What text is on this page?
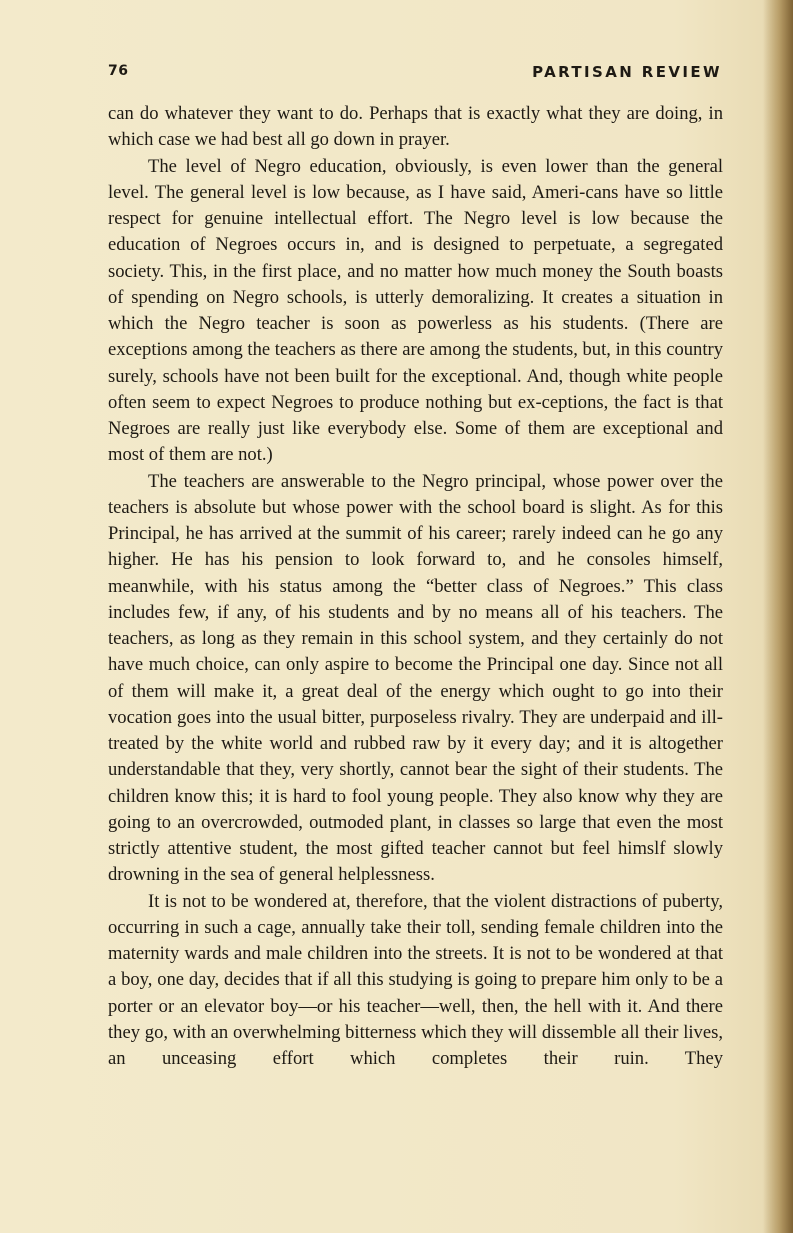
76	PARTISAN REVIEW

can do whatever they want to do. Perhaps that is exactly what they are doing, in which case we had best all go down in prayer.

The level of Negro education, obviously, is even lower than the general level. The general level is low because, as I have said, Ameri-cans have so little respect for genuine intellectual effort. The Negro level is low because the education of Negroes occurs in, and is designed to perpetuate, a segregated society. This, in the first place, and no matter how much money the South boasts of spending on Negro schools, is utterly demoralizing. It creates a situation in which the Negro teacher is soon as powerless as his students. (There are exceptions among the teachers as there are among the students, but, in this country surely, schools have not been built for the exceptional. And, though white people often seem to expect Negroes to produce nothing but ex-ceptions, the fact is that Negroes are really just like everybody else. Some of them are exceptional and most of them are not.)

The teachers are answerable to the Negro principal, whose power over the teachers is absolute but whose power with the school board is slight. As for this Principal, he has arrived at the summit of his career; rarely indeed can he go any higher. He has his pension to look forward to, and he consoles himself, meanwhile, with his status among the “better class of Negroes.” This class includes few, if any, of his students and by no means all of his teachers. The teachers, as long as they remain in this school system, and they certainly do not have much choice, can only aspire to become the Principal one day. Since not all of them will make it, a great deal of the energy which ought to go into their vocation goes into the usual bitter, purposeless rivalry. They are underpaid and ill-treated by the white world and rubbed raw by it every day; and it is altogether understandable that they, very shortly, cannot bear the sight of their students. The children know this; it is hard to fool young people. They also know why they are going to an overcrowded, outmoded plant, in classes so large that even the most strictly attentive student, the most gifted teacher cannot but feel himslf slowly drowning in the sea of general helplessness.

It is not to be wondered at, therefore, that the violent distractions of puberty, occurring in such a cage, annually take their toll, sending female children into the maternity wards and male children into the streets. It is not to be wondered at that a boy, one day, decides that if all this studying is going to prepare him only to be a porter or an elevator boy—or his teacher—well, then, the hell with it. And there they go, with an overwhelming bitterness which they will dissemble all their lives, an unceasing effort which completes their ruin. They
